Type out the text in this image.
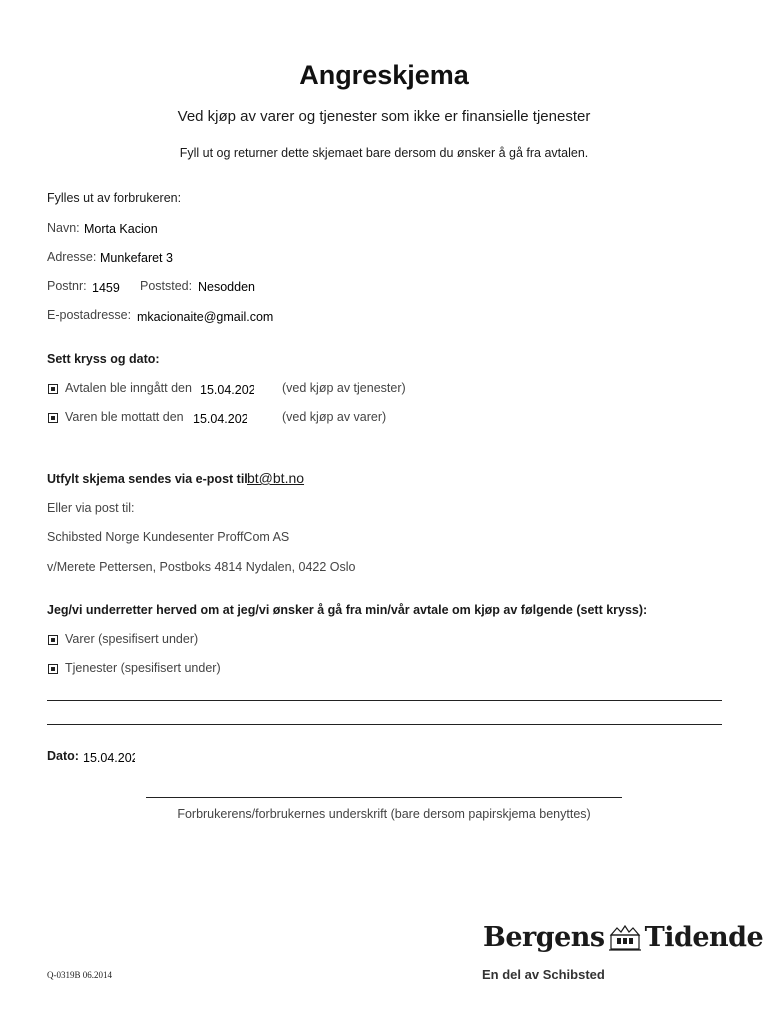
Angreskjema
Ved kjøp av varer og tjenester som ikke er finansielle tjenester
Fyll ut og returner dette skjemaet bare dersom du ønsker å gå fra avtalen.
Fylles ut av forbrukeren:
Navn:
Morta Kacion
Adresse:
Munkefaret 3
Postnr:
1459	Poststed:
Nesodden
E-postadresse:
mkacionaite@gmail.com
Sett kryss og dato:
Avtalen ble inngått den
15.04.2024	(ved kjøp av tjenester)
Varen ble mottatt den
15.04.2024	(ved kjøp av varer)
Utfylt skjema sendes via e-post til bt@bt.no
Eller via post til:
Schibsted Norge Kundesenter ProffCom AS
v/Merete Pettersen, Postboks 4814 Nydalen, 0422 Oslo
Jeg/vi underretter herved om at jeg/vi ønsker å gå fra min/vår avtale om kjøp av følgende (sett kryss):
Varer (spesifisert under)
Tjenester (spesifisert under)
Dato:
15.04.2024
Forbrukerens/forbrukernes underskrift (bare dersom papirskjema benyttes)
Q-0319B 06.2014
Bergens Tidende
En del av Schibsted
